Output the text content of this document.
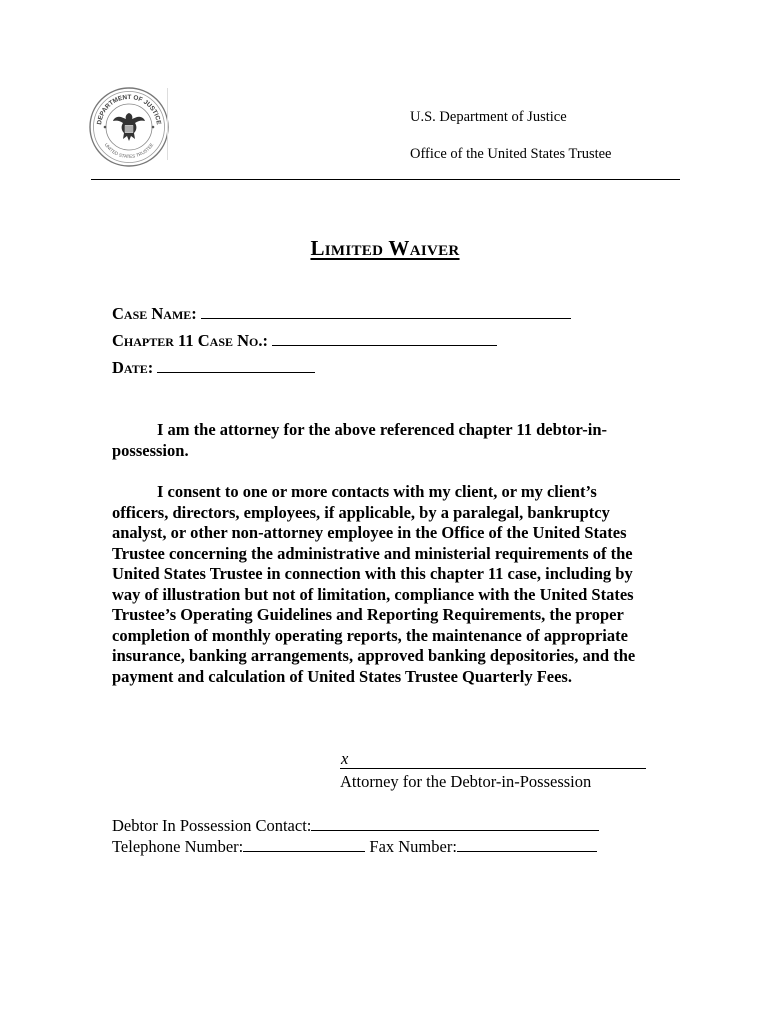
DEPARTMENT OF JUSTICE
UNITED STATES TRUSTEE
U.S. Department of Justice
Office of the United States Trustee
Limited Waiver
Case Name:
Chapter 11 Case No.:
Date:

I am the attorney for the above referenced chapter 11 debtor-in-possession.

I consent to one or more contacts with my client, or my client’s officers, directors, employees, if applicable, by a paralegal, bankruptcy analyst, or other non-attorney employee in the Office of the United States Trustee concerning the administrative and ministerial requirements of the United States Trustee in connection with this chapter 11 case, including by way of illustration but not of limitation, compliance with the United States Trustee’s Operating Guidelines and Reporting Requirements, the proper completion of monthly operating reports, the maintenance of appropriate insurance, banking arrangements, approved banking depositories, and the payment and calculation of United States Trustee Quarterly Fees.

x
Attorney for the Debtor-in-Possession
Debtor In Possession Contact:
Telephone Number:	Fax Number:
